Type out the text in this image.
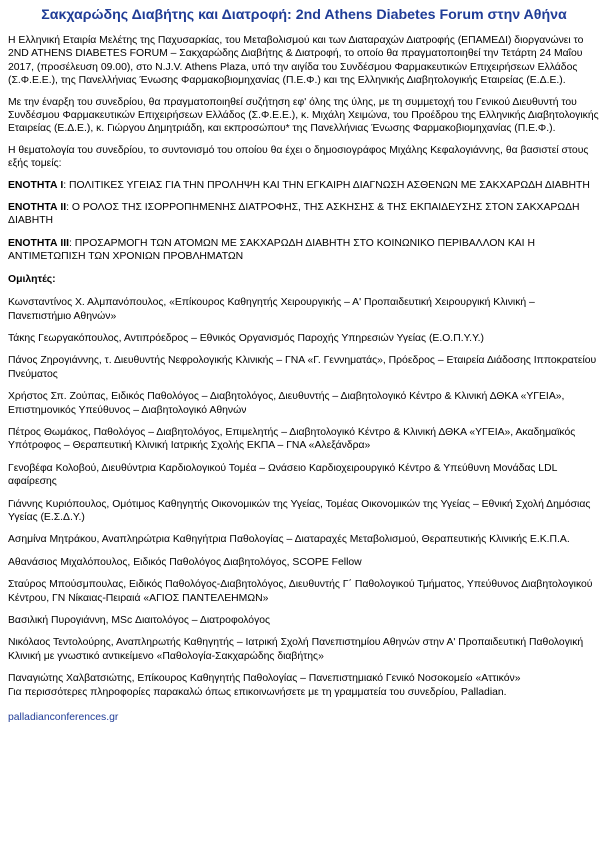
Σακχαρώδης Διαβήτης και Διατροφή: 2nd Athens Diabetes Forum στην Αθήνα

Η Ελληνική Εταιρία Μελέτης της Παχυσαρκίας, του Μεταβολισμού και των Διαταραχών Διατροφής (ΕΠΑΜΕΔΙ) διοργανώνει το 2ND ATHENS DIABETES FORUM – Σακχαρώδης Διαβήτης & Διατροφή, το οποίο θα πραγματοποιηθεί την Τετάρτη 24 Μαΐου 2017, (προσέλευση 09.00), στο N.J.V. Athens Plaza, υπό την αιγίδα του Συνδέσμου Φαρμακευτικών Επιχειρήσεων Ελλάδος (Σ.Φ.Ε.Ε.), της Πανελλήνιας Ένωσης Φαρμακοβιομηχανίας (Π.Ε.Φ.) και της Ελληνικής Διαβητολογικής Εταιρείας (Ε.Δ.Ε.).

Με την έναρξη του συνεδρίου, θα πραγματοποιηθεί συζήτηση εφ' όλης της ύλης, με τη συμμετοχή του Γενικού Διευθυντή του Συνδέσμου Φαρμακευτικών Επιχειρήσεων Ελλάδος (Σ.Φ.Ε.Ε.), κ. Μιχάλη Χειμώνα, του Προέδρου της Ελληνικής Διαβητολογικής Εταιρείας (Ε.Δ.Ε.), κ. Γιώργου Δημητριάδη, και εκπροσώπου* της Πανελλήνιας Ένωσης Φαρμακοβιομηχανίας (Π.Ε.Φ.).

Η θεματολογία του συνεδρίου, το συντονισμό του οποίου θα έχει ο δημοσιογράφος Μιχάλης Κεφαλογιάννης, θα βασιστεί στους εξής τομείς:

ΕΝΟΤΗΤΑ I: ΠΟΛΙΤΙΚΕΣ ΥΓΕΙΑΣ ΓΙΑ ΤΗΝ ΠΡΟΛΗΨΗ ΚΑΙ ΤΗΝ ΕΓΚΑΙΡΗ ΔΙΑΓΝΩΣΗ ΑΣΘΕΝΩΝ ΜΕ ΣΑΚΧΑΡΩΔΗ ΔΙΑΒΗΤΗ

ΕΝΟΤΗΤΑ ΙΙ: Ο ΡΟΛΟΣ ΤΗΣ ΙΣΟΡΡΟΠΗΜΕΝΗΣ ΔΙΑΤΡΟΦΗΣ, ΤΗΣ ΑΣΚΗΣΗΣ & ΤΗΣ ΕΚΠΑΙΔΕΥΣΗΣ ΣΤΟΝ ΣΑΚΧΑΡΩΔΗ ΔΙΑΒΗΤΗ

ΕΝΟΤΗΤΑ ΙΙΙ: ΠΡΟΣΑΡΜΟΓΗ ΤΩΝ ΑΤΟΜΩΝ ΜΕ ΣΑΚΧΑΡΩΔΗ ΔΙΑΒΗΤΗ ΣΤΟ ΚΟΙΝΩΝΙΚΟ ΠΕΡΙΒΑΛΛΟΝ ΚΑΙ Η ΑΝΤΙΜΕΤΩΠΙΣΗ ΤΩΝ ΧΡΟΝΙΩΝ ΠΡΟΒΛΗΜΑΤΩΝ

Ομιλητές:

Κωνσταντίνος Χ. Αλμπανόπουλος, «Επίκουρος Καθηγητής Χειρουργικής – Α' Προπαιδευτική Χειρουργική Κλινική – Πανεπιστήμιο Αθηνών»

Τάκης Γεωργακόπουλος, Αντιπρόεδρος – Εθνικός Οργανισμός Παροχής Υπηρεσιών Υγείας (Ε.Ο.Π.Υ.Υ.)

Πάνος Ζηρογιάννης, τ. Διευθυντής Νεφρολογικής Κλινικής – ΓΝΑ «Γ. Γεννηματάς», Πρόεδρος – Εταιρεία Διάδοσης Ιπποκρατείου Πνεύματος

Χρήστος Σπ. Ζούπας, Ειδικός Παθολόγος – Διαβητολόγος, Διευθυντής – Διαβητολογικό Κέντρο & Κλινική ΔΘΚΑ «ΥΓΕΙΑ», Επιστημονικός Υπεύθυνος – Διαβητολογικό Αθηνών

Πέτρος Θωμάκος, Παθολόγος – Διαβητολόγος, Επιμελητής – Διαβητολογικό Κέντρο & Κλινική ΔΘΚΑ «ΥΓΕΙΑ», Ακαδημαϊκός Υπότροφος – Θεραπευτική Κλινική Ιατρικής Σχολής ΕΚΠΑ – ΓΝΑ «Αλεξάνδρα»

Γενοβέφα Κολοβού, Διευθύντρια Καρδιολογικού Τομέα – Ωνάσειο Καρδιοχειρουργικό Κέντρο & Υπεύθυνη Μονάδας LDL αφαίρεσης

Γιάννης Κυριόπουλος, Ομότιμος Καθηγητής Οικονομικών της Υγείας, Τομέας Οικονομικών της Υγείας – Εθνική Σχολή Δημόσιας Υγείας (Ε.Σ.Δ.Υ.)

Ασημίνα Μητράκου, Αναπληρώτρια Καθηγήτρια Παθολογίας – Διαταραχές Μεταβολισμού, Θεραπευτικής Κλινικής Ε.Κ.Π.Α.

Αθανάσιος Μιχαλόπουλος, Ειδικός Παθολόγος Διαβητολόγος, SCOPE Fellow

Σταύρος Μπούσμπουλας, Ειδικός Παθολόγος-Διαβητολόγος, Διευθυντής Γ΄ Παθολογικού Τμήματος, Υπεύθυνος Διαβητολογικού Κέντρου, ΓΝ Νίκαιας-Πειραιά «ΑΓΙΟΣ ΠΑΝΤΕΛΕΗΜΩΝ»

Βασιλική Πυρογιάννη, MSc Διαιτολόγος – Διατροφολόγος

Νικόλαος Τεντολούρης, Αναπληρωτής Καθηγητής – Ιατρική Σχολή Πανεπιστημίου Αθηνών στην Α' Προπαιδευτική Παθολογική Κλινική με γνωστικό αντικείμενο «Παθολογία-Σακχαρώδης διαβήτης»

Παναγιώτης Χαλβατσιώτης, Επίκουρος Καθηγητής Παθολογίας – Πανεπιστημιακό Γενικό Νοσοκομείο «Αττικόν»
Για περισσότερες πληροφορίες παρακαλώ όπως επικοινωνήσετε με τη γραμματεία του συνεδρίου, Palladian.

palladianconferences.gr
